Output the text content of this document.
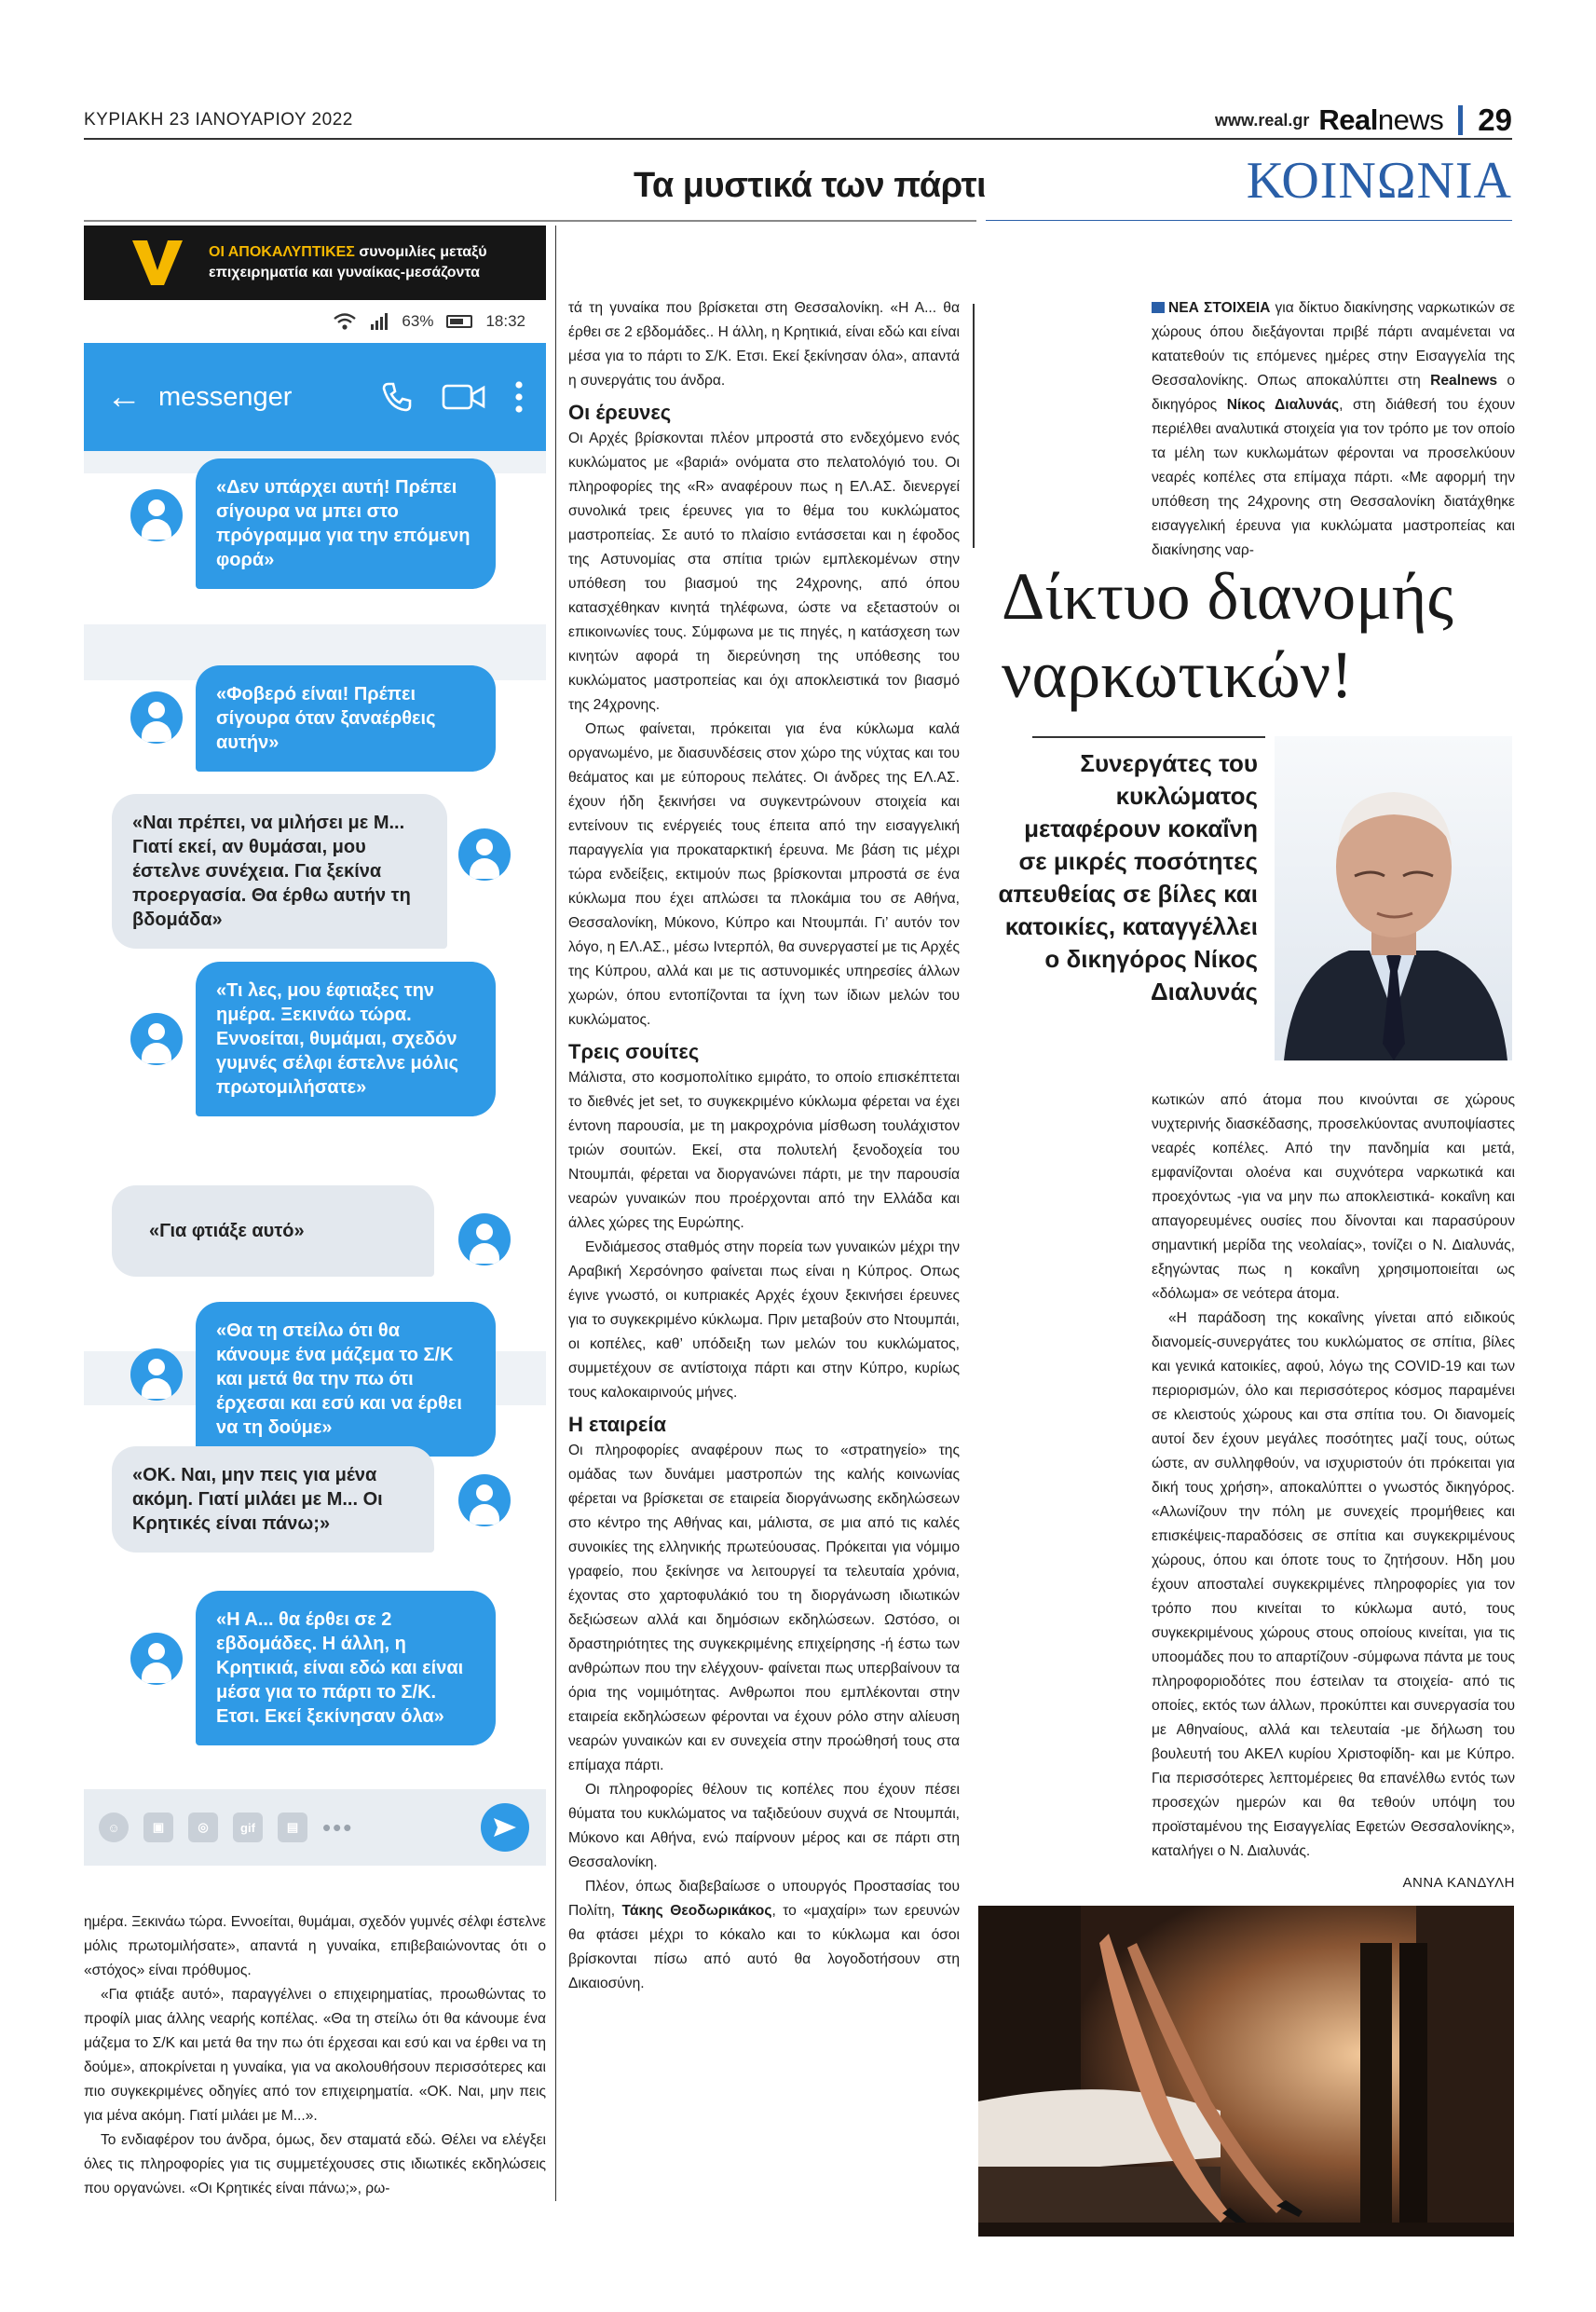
ΚΥΡΙΑΚΗ 23 ΙΑΝΟΥΑΡΙΟΥ 2022	www.real.gr Realnews 29
Τα μυστικά των πάρτι	ΚΟΙΝΩΝΙΑ
ΟΙ ΑΠΟΚΑΛΥΠΤΙΚΕΣ συνομιλίες μεταξύ
επιχειρηματία και γυναίκας-μεσάζοντα
63%	18:32
← messenger
«Δεν υπάρχει αυτή! Πρέπει σίγουρα να μπει στο πρόγραμμα για την επόμενη φορά»
«Φοβερό είναι! Πρέπει σίγουρα όταν ξαναέρθεις αυτήν»
«Ναι πρέπει, να μιλήσει με Μ... Γιατί εκεί, αν θυμάσαι, μου έστελνε συνέχεια. Για ξεκίνα προεργασία. Θα έρθω αυτήν τη βδομάδα»
«Τι λες, μου έφτιαξες την ημέρα. Ξεκινάω τώρα. Εννοείται, θυμάμαι, σχεδόν γυμνές σέλφι έστελνε μόλις πρωτομιλήσατε»
«Για φτιάξε αυτό»
«Θα τη στείλω ότι θα κάνουμε ένα μάζεμα το Σ/Κ και μετά θα την πω ότι έρχεσαι και εσύ και να έρθει να τη δούμε»
«ΟΚ. Ναι, μην πεις για μένα ακόμη. Γιατί μιλάει με Μ... Οι Κρητικές είναι πάνω;»
«Η Α... θα έρθει σε 2 εβδομάδες. Η άλλη, η Κρητικιά, είναι εδώ και είναι μέσα για το πάρτι το Σ/Κ. Ετσι. Εκεί ξεκίνησαν όλα»
☺	▣	◎	gif	▤ •••

ημέρα. Ξεκινάω τώρα. Εννοείται, θυμάμαι, σχεδόν γυμνές σέλφι έστελνε μόλις πρωτομιλήσατε», απαντά η γυναίκα, επιβεβαιώνοντας ότι ο «στόχος» είναι πρόθυμος.

«Για φτιάξε αυτό», παραγγέλνει ο επιχειρηματίας, προωθώντας το προφίλ μιας άλλης νεαρής κοπέλας. «Θα τη στείλω ότι θα κάνουμε ένα μάζεμα το Σ/Κ και μετά θα την πω ότι έρχεσαι και εσύ και να έρθει να τη δούμε», αποκρίνεται η γυναίκα, για να ακολουθήσουν περισσότερες και πιο συγκεκριμένες οδηγίες από τον επιχειρηματία. «ΟΚ. Ναι, μην πεις για μένα ακόμη. Γιατί μιλάει με Μ...».

Το ενδιαφέρον του άνδρα, όμως, δεν σταματά εδώ. Θέλει να ελέγξει όλες τις πληροφορίες για τις συμμετέχουσες στις ιδιωτικές εκδηλώσεις που οργανώνει. «Οι Κρητικές είναι πάνω;», ρω-

τά τη γυναίκα που βρίσκεται στη Θεσσαλονίκη. «Η Α... θα έρθει σε 2 εβδομάδες.. Η άλλη, η Κρητικιά, είναι εδώ και είναι μέσα για το πάρτι το Σ/Κ. Ετσι. Εκεί ξεκίνησαν όλα», απαντά η συνεργάτις του άνδρα.

Οι έρευνες

Οι Αρχές βρίσκονται πλέον μπροστά στο ενδεχόμενο ενός κυκλώματος με «βαριά» ονόματα στο πελατολόγιό του. Οι πληροφορίες της «R» αναφέρουν πως η ΕΛ.ΑΣ. διενεργεί συνολικά τρεις έρευνες για το θέμα του κυκλώματος μαστροπείας. Σε αυτό το πλαίσιο εντάσσεται και η έφοδος της Αστυνομίας στα σπίτια τριών εμπλεκομένων στην υπόθεση του βιασμού της 24χρονης, από όπου κατασχέθηκαν κινητά τηλέφωνα, ώστε να εξεταστούν οι επικοινωνίες τους. Σύμφωνα με τις πηγές, η κατάσχεση των κινητών αφορά τη διερεύνηση της υπόθεσης του κυκλώματος μαστροπείας και όχι αποκλειστικά τον βιασμό της 24χρονης.

Οπως φαίνεται, πρόκειται για ένα κύκλωμα καλά οργανωμένο, με διασυνδέσεις στον χώρο της νύχτας και του θεάματος και με εύπορους πελάτες. Οι άνδρες της ΕΛ.ΑΣ. έχουν ήδη ξεκινήσει να συγκεντρώνουν στοιχεία και εντείνουν τις ενέργειές τους έπειτα από την εισαγγελική παραγγελία για προκαταρκτική έρευνα. Με βάση τις μέχρι τώρα ενδείξεις, εκτιμούν πως βρίσκονται μπροστά σε ένα κύκλωμα που έχει απλώσει τα πλοκάμια του σε Αθήνα, Θεσσαλονίκη, Μύκονο, Κύπρο και Ντουμπάι. Γι’ αυτόν τον λόγο, η ΕΛ.ΑΣ., μέσω Ιντερπόλ, θα συνεργαστεί με τις Αρχές της Κύπρου, αλλά και με τις αστυνομικές υπηρεσίες άλλων χωρών, όπου εντοπίζονται τα ίχνη των ίδιων μελών του κυκλώματος.

Τρεις σουίτες

Μάλιστα, στο κοσμοπολίτικο εμιράτο, το οποίο επισκέπτεται το διεθνές jet set, το συγκεκριμένο κύκλωμα φέρεται να έχει έντονη παρουσία, με τη μακροχρόνια μίσθωση τουλάχιστον τριών σουιτών. Εκεί, στα πολυτελή ξενοδοχεία του Ντουμπάι, φέρεται να διοργανώνει πάρτι, με την παρουσία νεαρών γυναικών που προέρχονται από την Ελλάδα και άλλες χώρες της Ευρώπης.

Ενδιάμεσος σταθμός στην πορεία των γυναικών μέχρι την Αραβική Χερσόνησο φαίνεται πως είναι η Κύπρος. Οπως έγινε γνωστό, οι κυπριακές Αρχές έχουν ξεκινήσει έρευνες για το συγκεκριμένο κύκλωμα. Πριν μεταβούν στο Ντουμπάι, οι κοπέλες, καθ’ υπόδειξη των μελών του κυκλώματος, συμμετέχουν σε αντίστοιχα πάρτι και στην Κύπρο, κυρίως τους καλοκαιρινούς μήνες.

Η εταιρεία

Οι πληροφορίες αναφέρουν πως το «στρατηγείο» της ομάδας των δυνάμει μαστροπών της καλής κοινωνίας φέρεται να βρίσκεται σε εταιρεία διοργάνωσης εκδηλώσεων στο κέντρο της Αθήνας και, μάλιστα, σε μια από τις καλές συνοικίες της ελληνικής πρωτεύουσας. Πρόκειται για νόμιμο γραφείο, που ξεκίνησε να λειτουργεί τα τελευταία χρόνια, έχοντας στο χαρτοφυλάκιό του τη διοργάνωση ιδιωτικών δεξιώσεων αλλά και δημόσιων εκδηλώσεων. Ωστόσο, οι δραστηριότητες της συγκεκριμένης επιχείρησης -ή έστω των ανθρώπων που την ελέγχουν- φαίνεται πως υπερβαίνουν τα όρια της νομιμότητας. Ανθρωποι που εμπλέκονται στην εταιρεία εκδηλώσεων φέρονται να έχουν ρόλο στην αλίευση νεαρών γυναικών και εν συνεχεία στην προώθησή τους στα επίμαχα πάρτι.

Οι πληροφορίες θέλουν τις κοπέλες που έχουν πέσει θύματα του κυκλώματος να ταξιδεύουν συχνά σε Ντουμπάι, Μύκονο και Αθήνα, ενώ παίρνουν μέρος και σε πάρτι στη Θεσσαλονίκη.

Πλέον, όπως διαβεβαίωσε ο υπουργός Προστασίας του Πολίτη, Τάκης Θεοδωρικάκος, το «μαχαίρι» των ερευνών θα φτάσει μέχρι το κόκαλο και το κύκλωμα και όσοι βρίσκονται πίσω από αυτό θα λογοδοτήσουν στη Δικαιοσύνη.

ΝΕΑ ΣΤΟΙΧΕΙΑ για δίκτυο διακίνησης ναρκωτικών σε χώρους όπου διεξάγονται πριβέ πάρτι αναμένεται να κατατεθούν τις επόμενες ημέρες στην Εισαγγελία της Θεσσαλονίκης. Οπως αποκαλύπτει στη Realnews ο δικηγόρος Νίκος Διαλυνάς, στη διάθεσή του έχουν περιέλθει αναλυτικά στοιχεία για τον τρόπο με τον οποίο τα μέλη των κυκλωμάτων φέρονται να προσελκύουν νεαρές κοπέλες στα επίμαχα πάρτι. «Με αφορμή την υπόθεση της 24χρονης στη Θεσσαλονίκη διατάχθηκε εισαγγελική έρευνα για κυκλώματα μαστροπείας και διακίνησης ναρ-

Δίκτυο διανομής ναρκωτικών!
Συνεργάτες του κυκλώματος μεταφέρουν κοκαΐνη σε μικρές ποσότητες απευθείας σε βίλες και κατοικίες, καταγγέλλει ο δικηγόρος Νίκος Διαλυνάς

κωτικών από άτομα που κινούνται σε χώρους νυχτερινής διασκέδασης, προσελκύοντας ανυποψίαστες νεαρές κοπέλες. Από την πανδημία και μετά, εμφανίζονται ολοένα και συχνότερα ναρκωτικά και προεχόντως -για να μην πω αποκλειστικά- κοκαΐνη και απαγορευμένες ουσίες που δίνονται και παρασύρουν σημαντική μερίδα της νεολαίας», τονίζει ο Ν. Διαλυνάς, εξηγώντας πως η κοκαΐνη χρησιμοποιείται ως «δόλωμα» σε νεότερα άτομα.

«Η παράδοση της κοκαΐνης γίνεται από ειδικούς διανομείς-συνεργάτες του κυκλώματος σε σπίτια, βίλες και γενικά κατοικίες, αφού, λόγω της COVID-19 και των περιορισμών, όλο και περισσότερος κόσμος παραμένει σε κλειστούς χώρους και στα σπίτια του. Οι διανομείς αυτοί δεν έχουν μεγάλες ποσότητες μαζί τους, ούτως ώστε, αν συλληφθούν, να ισχυριστούν ότι πρόκειται για δική τους χρήση», αποκαλύπτει ο γνωστός δικηγόρος. «Αλωνίζουν την πόλη με συνεχείς προμήθειες και επισκέψεις-παραδόσεις σε σπίτια και συγκεκριμένους χώρους, όπου και όποτε τους το ζητήσουν. Ηδη μου έχουν αποσταλεί συγκεκριμένες πληροφορίες για τον τρόπο που κινείται το κύκλωμα αυτό, τους συγκεκριμένους χώρους στους οποίους κινείται, για τις υποομάδες που το απαρτίζουν -σύμφωνα πάντα με τους πληροφοριοδότες που έστειλαν τα στοιχεία- από τις οποίες, εκτός των άλλων, προκύπτει και συνεργασία του με Αθηναίους, αλλά και τελευταία -με δήλωση του βουλευτή του ΑΚΕΛ κυρίου Χριστοφίδη- και με Κύπρο. Για περισσότερες λεπτομέρειες θα επανέλθω εντός των προσεχών ημερών και θα τεθούν υπόψη του προϊσταμένου της Εισαγγελίας Εφετών Θεσσαλονίκης», καταλήγει ο Ν. Διαλυνάς.

ΑΝΝΑ ΚΑΝΔΥΛΗ
